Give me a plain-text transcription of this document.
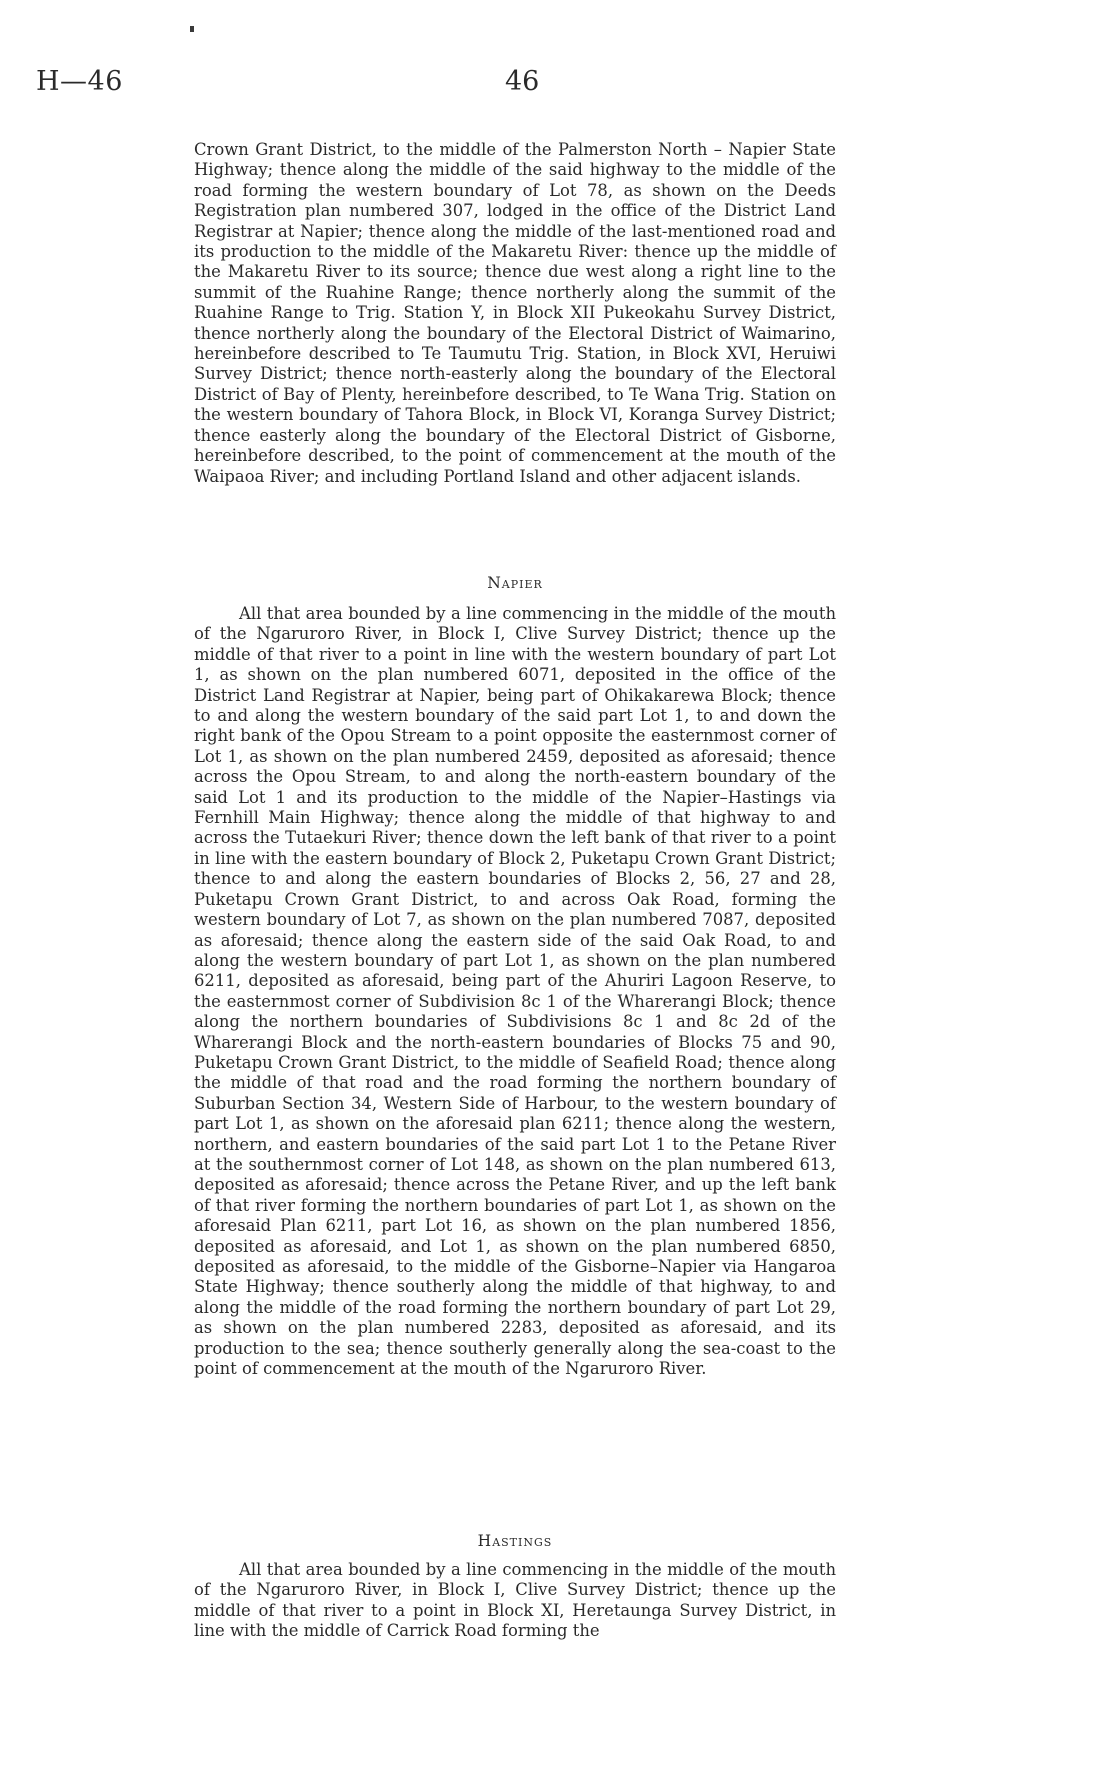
H—46	46

Crown Grant District, to the middle of the Palmerston North – Napier State Highway; thence along the middle of the said highway to the middle of the road forming the western boundary of Lot 78, as shown on the Deeds Registration plan numbered 307, lodged in the office of the District Land Registrar at Napier; thence along the middle of the last-mentioned road and its production to the middle of the Makaretu River: thence up the middle of the Makaretu River to its source; thence due west along a right line to the summit of the Ruahine Range; thence northerly along the summit of the Ruahine Range to Trig. Station Y, in Block XII Pukeokahu Survey District, thence northerly along the boundary of the Electoral District of Waimarino, hereinbefore described to Te Taumutu Trig. Station, in Block XVI, Heruiwi Survey District; thence north-easterly along the boundary of the Electoral District of Bay of Plenty, hereinbefore described, to Te Wana Trig. Station on the western boundary of Tahora Block, in Block VI, Koranga Survey District; thence easterly along the boundary of the Electoral District of Gisborne, hereinbefore described, to the point of commencement at the mouth of the Waipaoa River; and including Portland Island and other adjacent islands.

Napier

All that area bounded by a line commencing in the middle of the mouth of the Ngaruroro River, in Block I, Clive Survey District; thence up the middle of that river to a point in line with the western boundary of part Lot 1, as shown on the plan numbered 6071, deposited in the office of the District Land Registrar at Napier, being part of Ohikakarewa Block; thence to and along the western boundary of the said part Lot 1, to and down the right bank of the Opou Stream to a point opposite the easternmost corner of Lot 1, as shown on the plan numbered 2459, deposited as aforesaid; thence across the Opou Stream, to and along the north-eastern boundary of the said Lot 1 and its production to the middle of the Napier–Hastings via Fernhill Main Highway; thence along the middle of that highway to and across the Tutaekuri River; thence down the left bank of that river to a point in line with the eastern boundary of Block 2, Puketapu Crown Grant District; thence to and along the eastern boundaries of Blocks 2, 56, 27 and 28, Puketapu Crown Grant District, to and across Oak Road, forming the western boundary of Lot 7, as shown on the plan numbered 7087, deposited as aforesaid; thence along the eastern side of the said Oak Road, to and along the western boundary of part Lot 1, as shown on the plan numbered 6211, deposited as aforesaid, being part of the Ahuriri Lagoon Reserve, to the easternmost corner of Subdivision 8c 1 of the Wharerangi Block; thence along the northern boundaries of Subdivisions 8c 1 and 8c 2d of the Wharerangi Block and the north-eastern boundaries of Blocks 75 and 90, Puketapu Crown Grant District, to the middle of Seafield Road; thence along the middle of that road and the road forming the northern boundary of Suburban Section 34, Western Side of Harbour, to the western boundary of part Lot 1, as shown on the aforesaid plan 6211; thence along the western, northern, and eastern boundaries of the said part Lot 1 to the Petane River at the southernmost corner of Lot 148, as shown on the plan numbered 613, deposited as aforesaid; thence across the Petane River, and up the left bank of that river forming the northern boundaries of part Lot 1, as shown on the aforesaid Plan 6211, part Lot 16, as shown on the plan numbered 1856, deposited as aforesaid, and Lot 1, as shown on the plan numbered 6850, deposited as aforesaid, to the middle of the Gisborne–Napier via Hangaroa State Highway; thence southerly along the middle of that highway, to and along the middle of the road forming the northern boundary of part Lot 29, as shown on the plan numbered 2283, deposited as aforesaid, and its production to the sea; thence southerly generally along the sea-coast to the point of commencement at the mouth of the Ngaruroro River.

Hastings

All that area bounded by a line commencing in the middle of the mouth of the Ngaruroro River, in Block I, Clive Survey District; thence up the middle of that river to a point in Block XI, Heretaunga Survey District, in line with the middle of Carrick Road forming the
